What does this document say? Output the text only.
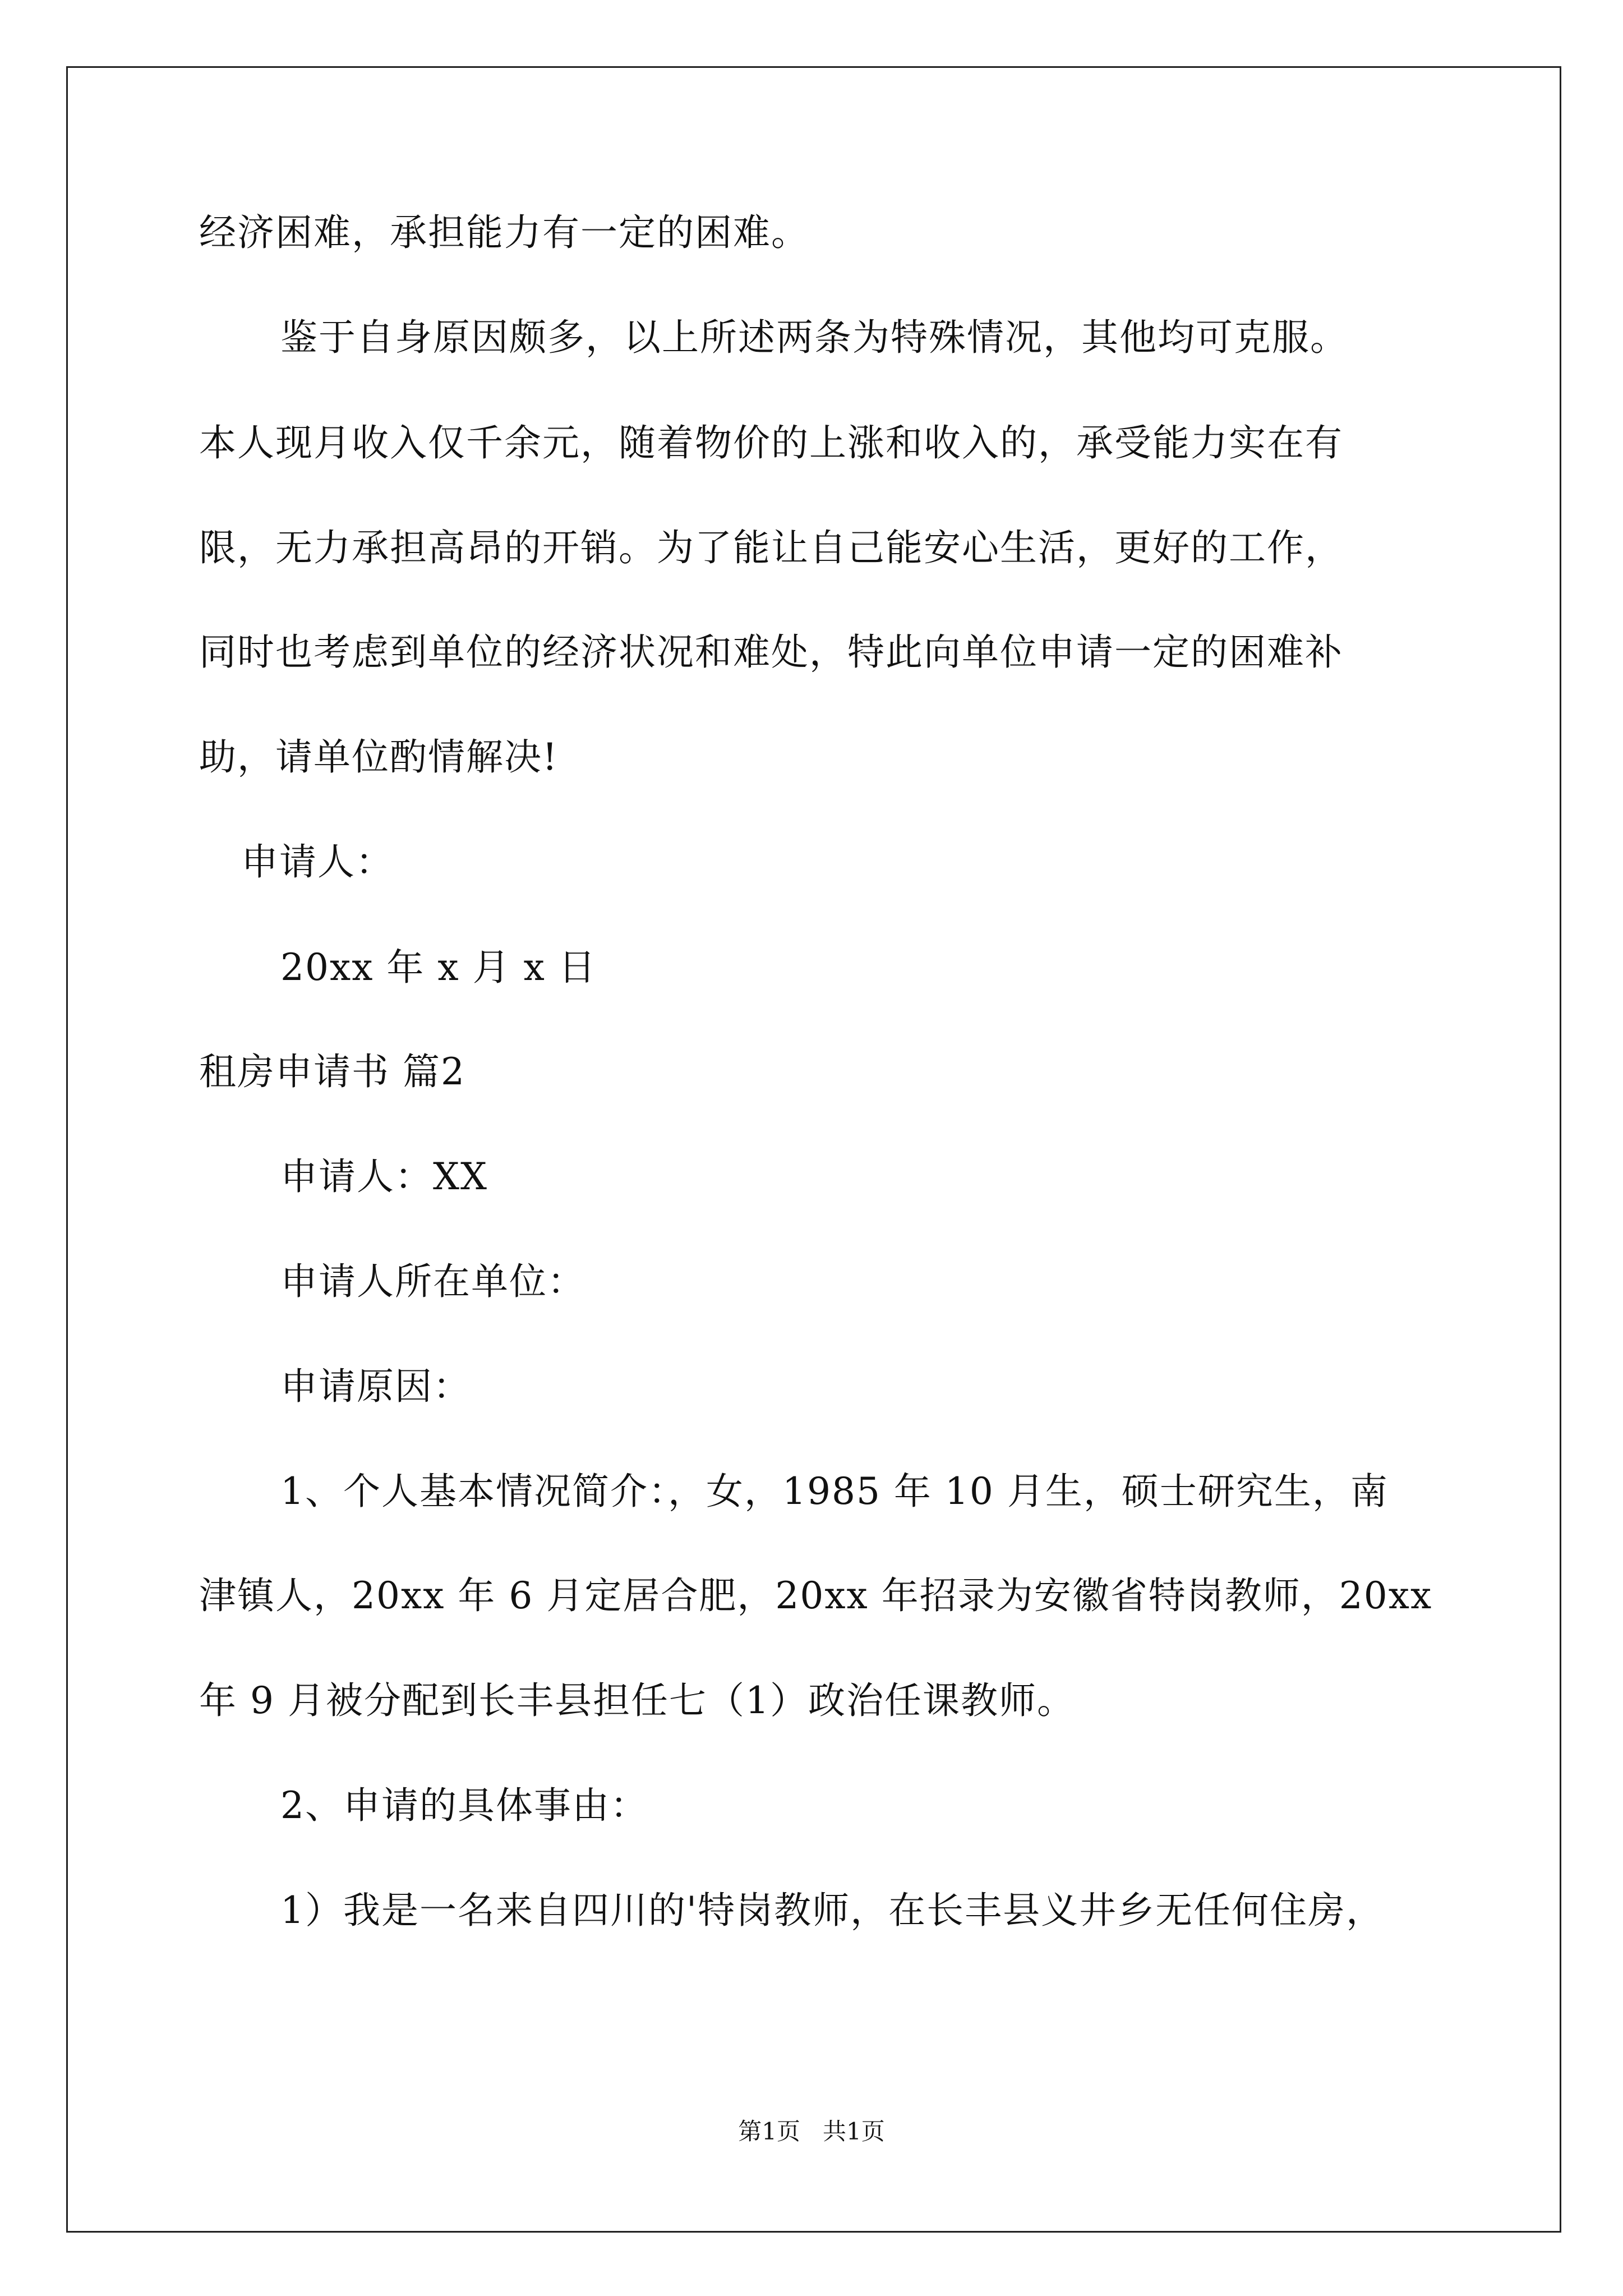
经济困难，承担能力有一定的困难。
鉴于自身原因颇多，以上所述两条为特殊情况，其他均可克服。
本人现月收入仅千余元，随着物价的上涨和收入的，承受能力实在有
限，无力承担高昂的开销。为了能让自己能安心生活，更好的工作，
同时也考虑到单位的经济状况和难处，特此向单位申请一定的困难补
助，请单位酌情解决!
申请人：
20xx 年 x 月 x 日
租房申请书 篇2
申请人：XX
申请人所在单位：
申请原因：
1、个人基本情况简介：，女，1985 年 10 月生，硕士研究生，南
津镇人，20xx 年 6 月定居合肥，20xx 年招录为安徽省特岗教师，20xx
年 9 月被分配到长丰县担任七（1）政治任课教师。
2、申请的具体事由：
1）我是一名来自四川的'特岗教师，在长丰县义井乡无任何住房，
第1页   共1页
